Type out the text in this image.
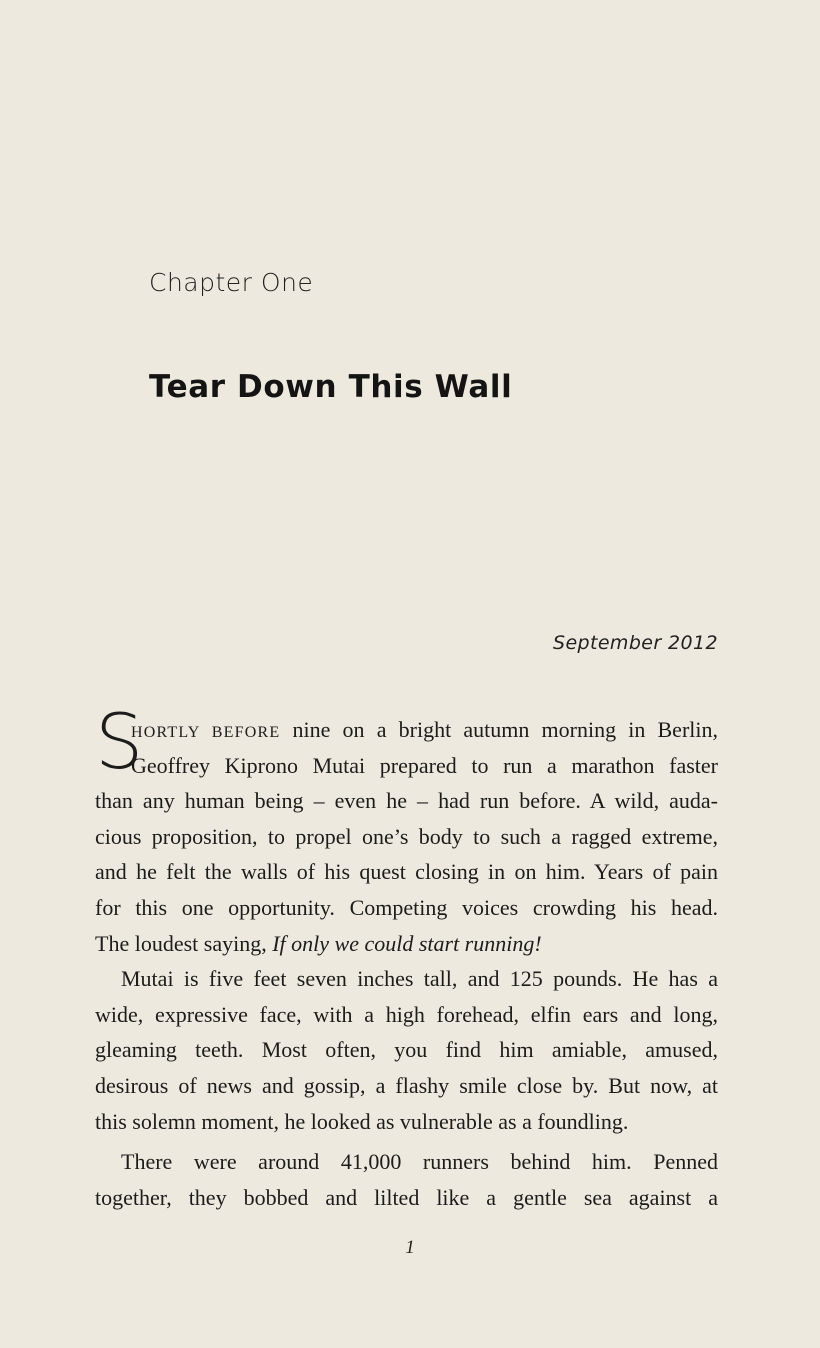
Chapter One
Tear Down This Wall

September 2012

S
HORTLY BEFORE nine on a bright autumn morning in Berlin,
Geoffrey Kiprono Mutai prepared to run a marathon faster
than any human being – even he – had run before. A wild, auda-
cious proposition, to propel one’s body to such a ragged extreme,
and he felt the walls of his quest closing in on him. Years of pain
for this one opportunity. Competing voices crowding his head.
The loudest saying, If only we could start running!
Mutai is five feet seven inches tall, and 125 pounds. He has a
wide, expressive face, with a high forehead, elfin ears and long,
gleaming teeth. Most often, you find him amiable, amused,
desirous of news and gossip, a flashy smile close by. But now, at
this solemn moment, he looked as vulnerable as a foundling.
There were around 41,000 runners behind him. Penned
together, they bobbed and lilted like a gentle sea against a

1
